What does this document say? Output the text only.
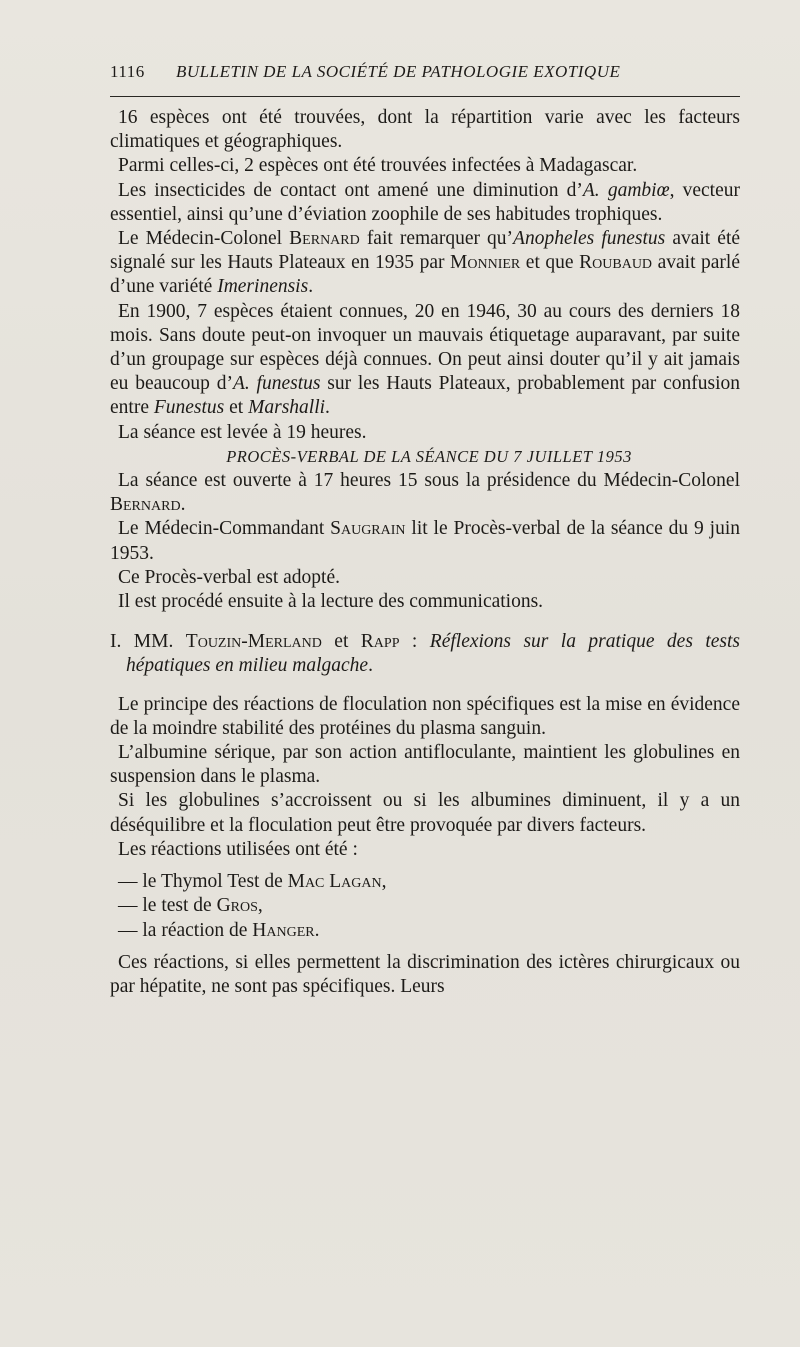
1116 BULLETIN DE LA SOCIÉTÉ DE PATHOLOGIE EXOTIQUE

16 espèces ont été trouvées, dont la répartition varie avec les facteurs climatiques et géographiques.

Parmi celles-ci, 2 espèces ont été trouvées infectées à Madagascar.

Les insecticides de contact ont amené une diminution d’A. gambiœ, vecteur essentiel, ainsi qu’une d’éviation zoophile de ses habitudes trophiques.

Le Médecin-Colonel Bernard fait remarquer qu’Anopheles funestus avait été signalé sur les Hauts Plateaux en 1935 par Monnier et que Roubaud avait parlé d’une variété Imerinensis.

En 1900, 7 espèces étaient connues, 20 en 1946, 30 au cours des derniers 18 mois. Sans doute peut-on invoquer un mauvais étiquetage auparavant, par suite d’un groupage sur espèces déjà connues. On peut ainsi douter qu’il y ait jamais eu beaucoup d’A. funestus sur les Hauts Plateaux, probablement par confusion entre Funestus et Marshalli.

La séance est levée à 19 heures.

PROCÈS-VERBAL DE LA SÉANCE DU 7 JUILLET 1953

La séance est ouverte à 17 heures 15 sous la présidence du Médecin-Colonel Bernard.

Le Médecin-Commandant Saugrain lit le Procès-verbal de la séance du 9 juin 1953.

Ce Procès-verbal est adopté.

Il est procédé ensuite à la lecture des communications.

I. MM. Touzin-Merland et Rapp : Réflexions sur la pratique des tests hépatiques en milieu malgache.

Le principe des réactions de floculation non spécifiques est la mise en évidence de la moindre stabilité des protéines du plasma sanguin.

L’albumine sérique, par son action antifloculante, maintient les globulines en suspension dans le plasma.

Si les globulines s’accroissent ou si les albumines diminuent, il y a un déséquilibre et la floculation peut être provoquée par divers facteurs.

Les réactions utilisées ont été :

— le Thymol Test de Mac Lagan,

— le test de Gros,

— la réaction de Hanger.

Ces réactions, si elles permettent la discrimination des ictères chirurgicaux ou par hépatite, ne sont pas spécifiques. Leurs
